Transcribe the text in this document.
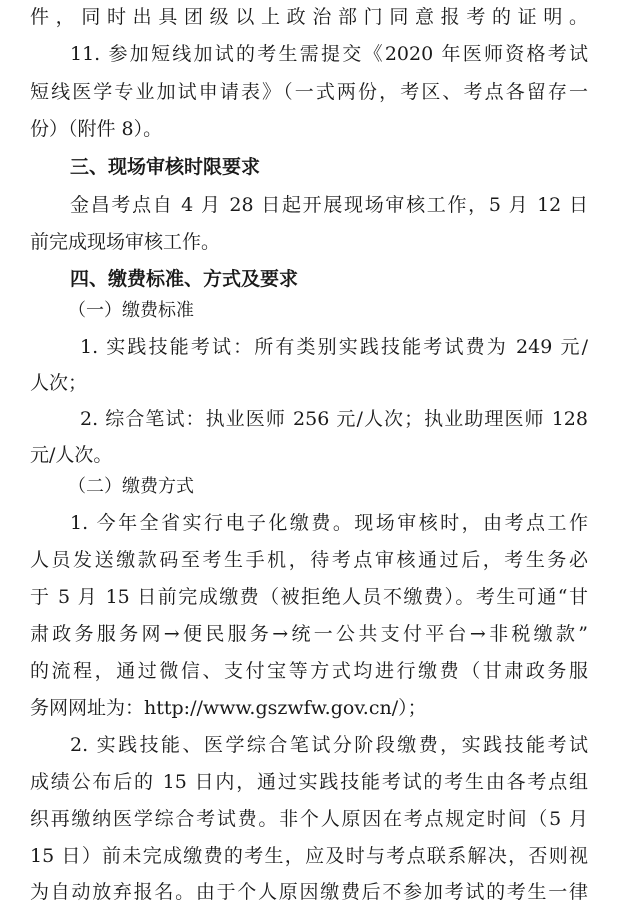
件，同时出具团级以上政治部门同意报考的证明。
11. 参加短线加试的考生需提交《2020 年医师资格考试
短线医学专业加试申请表》（一式两份，考区、考点各留存一
份）（附件 8）。
三、现场审核时限要求
金昌考点自 4 月 28 日起开展现场审核工作，5 月 12 日
前完成现场审核工作。
四、缴费标准、方式及要求
（一）缴费标准
1. 实践技能考试：所有类别实践技能考试费为 249 元/
人次；
2. 综合笔试：执业医师 256 元/人次；执业助理医师 128
元/人次。
（二）缴费方式
1. 今年全省实行电子化缴费。现场审核时，由考点工作
人员发送缴款码至考生手机，待考点审核通过后，考生务必
于 5 月 15 日前完成缴费（被拒绝人员不缴费）。考生可通“甘
肃政务服务网→便民服务→统一公共支付平台→非税缴款”
的流程，通过微信、支付宝等方式均进行缴费（甘肃政务服
务网网址为：http://www.gszwfw.gov.cn/）；
2. 实践技能、医学综合笔试分阶段缴费，实践技能考试
成绩公布后的 15 日内，通过实践技能考试的考生由各考点组
织再缴纳医学综合考试费。非个人原因在考点规定时间（5 月
15 日）前未完成缴费的考生，应及时与考点联系解决，否则视
为自动放弃报名。由于个人原因缴费后不参加考试的考生一律
